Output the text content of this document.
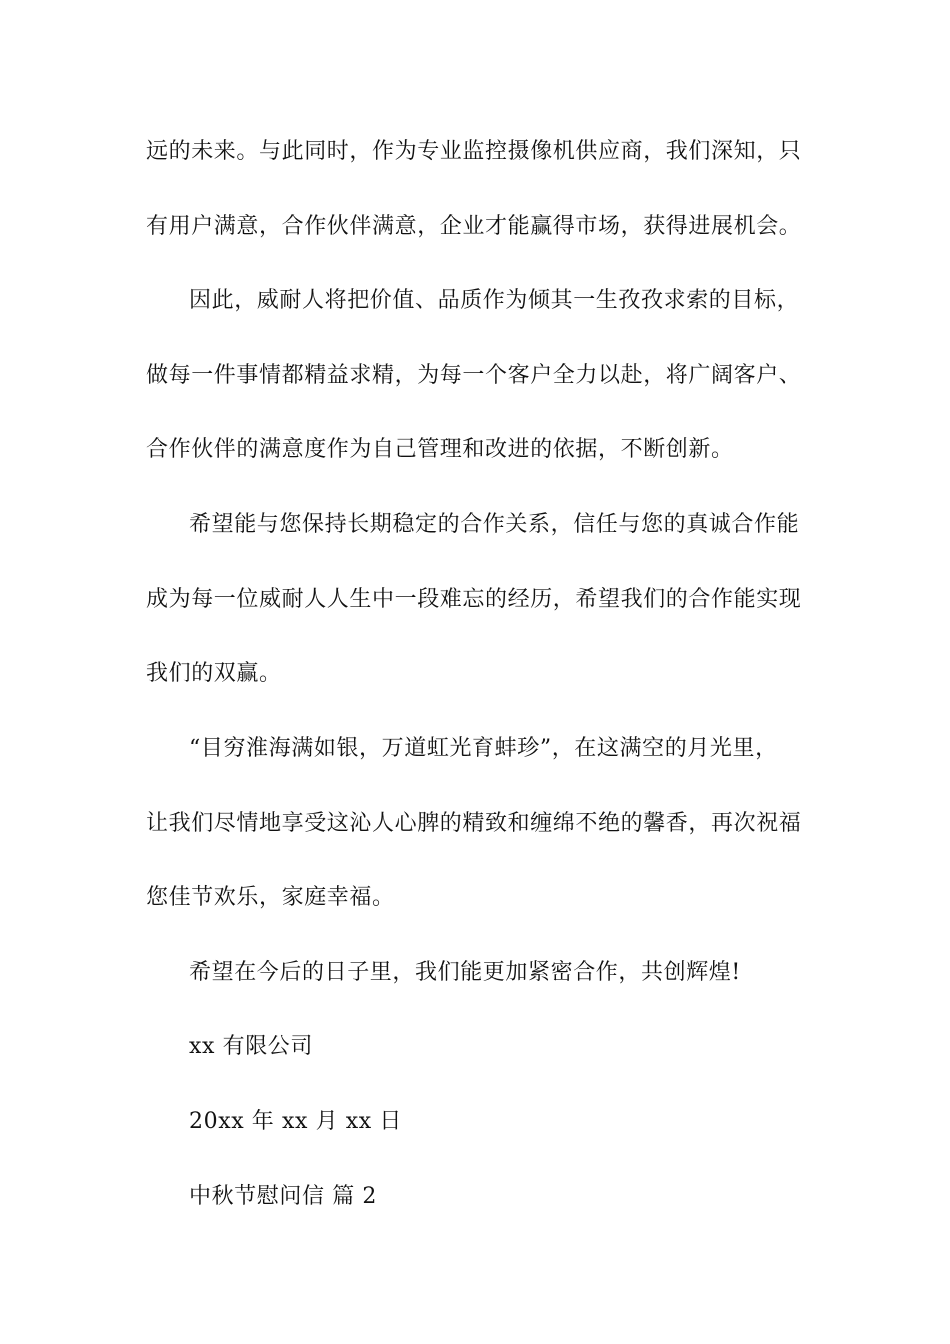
远的未来。与此同时，作为专业监控摄像机供应商，我们深知，只
有用户满意，合作伙伴满意，企业才能赢得市场，获得进展机会。
因此，威耐人将把价值、品质作为倾其一生孜孜求索的目标，
做每一件事情都精益求精，为每一个客户全力以赴，将广阔客户、
合作伙伴的满意度作为自己管理和改进的依据，不断创新。
希望能与您保持长期稳定的合作关系，信任与您的真诚合作能
成为每一位威耐人人生中一段难忘的经历，希望我们的合作能实现
我们的双赢。
“目穷淮海满如银，万道虹光育蚌珍”，在这满空的月光里，
让我们尽情地享受这沁人心脾的精致和缠绵不绝的馨香，再次祝福
您佳节欢乐，家庭幸福。
希望在今后的日子里，我们能更加紧密合作，共创辉煌!
xx 有限公司
20xx 年 xx 月 xx 日
中秋节慰问信 篇 2
